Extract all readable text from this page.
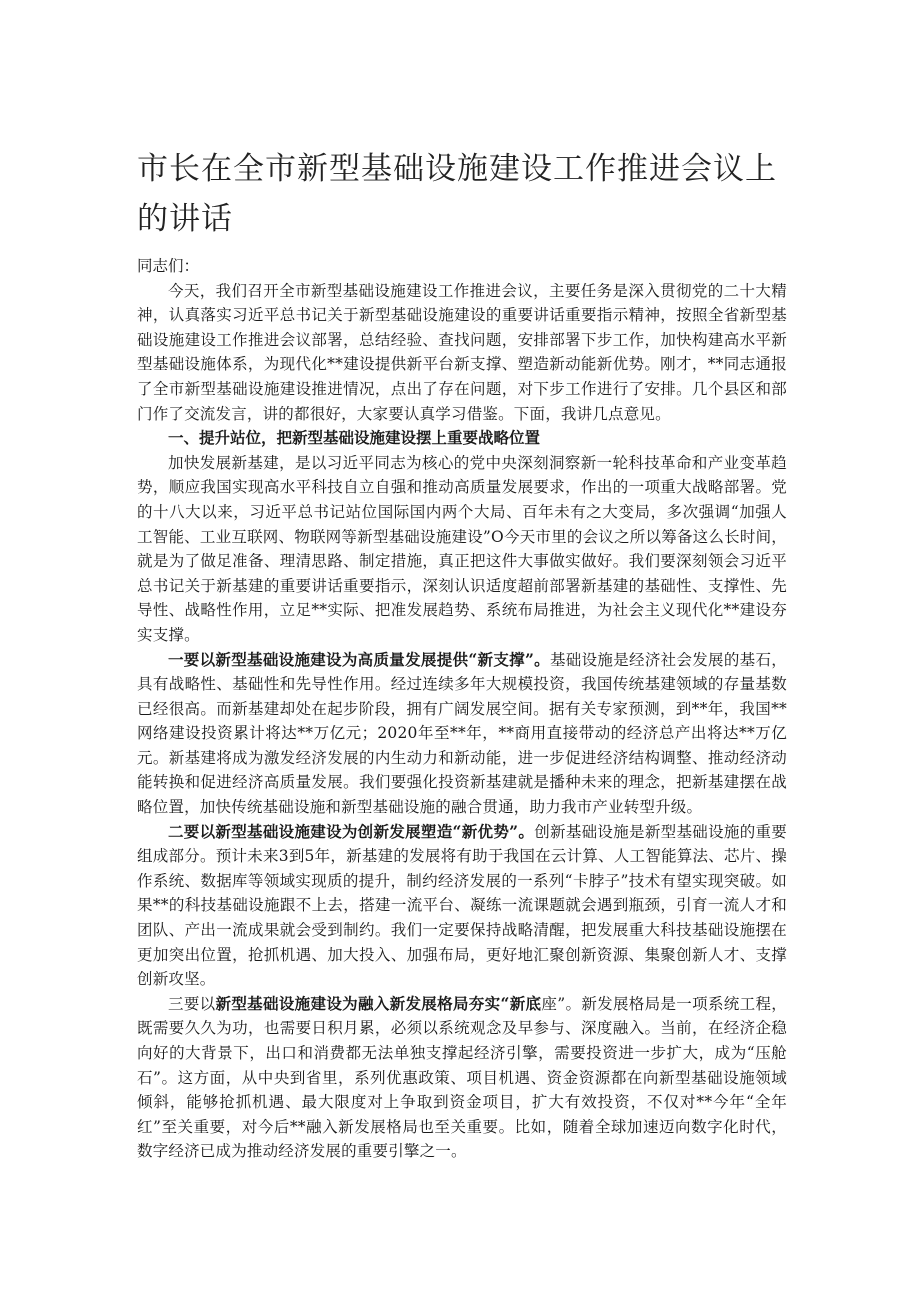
市长在全市新型基础设施建设工作推进会议上的讲话

同志们：

今天，我们召开全市新型基础设施建设工作推进会议，主要任务是深入贯彻党的二十大精神，认真落实习近平总书记关于新型基础设施建设的重要讲话重要指示精神，按照全省新型基础设施建设工作推进会议部署，总结经验、查找问题，安排部署下步工作，加快构建高水平新型基础设施体系，为现代化**建设提供新平台新支撑、塑造新动能新优势。刚才，**同志通报了全市新型基础设施建设推进情况，点出了存在问题，对下步工作进行了安排。几个县区和部门作了交流发言，讲的都很好，大家要认真学习借鉴。下面，我讲几点意见。

一、提升站位，把新型基础设施建设摆上重要战略位置

加快发展新基建，是以习近平同志为核心的党中央深刻洞察新一轮科技革命和产业变革趋势，顺应我国实现高水平科技自立自强和推动高质量发展要求，作出的一项重大战略部署。党的十八大以来，习近平总书记站位国际国内两个大局、百年未有之大变局，多次强调“加强人工智能、工业互联网、物联网等新型基础设施建设”O今天市里的会议之所以筹备这么长时间，就是为了做足准备、理清思路、制定措施，真正把这件大事做实做好。我们要深刻领会习近平总书记关于新基建的重要讲话重要指示，深刻认识适度超前部署新基建的基础性、支撑性、先导性、战略性作用，立足**实际、把准发展趋势、系统布局推进，为社会主义现代化**建设夯实支撑。

一要以新型基础设施建设为高质量发展提供“新支撑”。基础设施是经济社会发展的基石，具有战略性、基础性和先导性作用。经过连续多年大规模投资，我国传统基建领域的存量基数已经很高。而新基建却处在起步阶段，拥有广阔发展空间。据有关专家预测，到**年，我国**网络建设投资累计将达**万亿元；2020年至**年，**商用直接带动的经济总产出将达**万亿元。新基建将成为激发经济发展的内生动力和新动能，进一步促进经济结构调整、推动经济动能转换和促进经济高质量发展。我们要强化投资新基建就是播种未来的理念，把新基建摆在战略位置，加快传统基础设施和新型基础设施的融合贯通，助力我市产业转型升级。

二要以新型基础设施建设为创新发展塑造“新优势”。创新基础设施是新型基础设施的重要组成部分。预计未来3到5年，新基建的发展将有助于我国在云计算、人工智能算法、芯片、操作系统、数据库等领域实现质的提升，制约经济发展的一系列“卡脖子”技术有望实现突破。如果**的科技基础设施跟不上去，搭建一流平台、凝练一流课题就会遇到瓶颈，引育一流人才和团队、产出一流成果就会受到制约。我们一定要保持战略清醒，把发展重大科技基础设施摆在更加突出位置，抢抓机遇、加大投入、加强布局，更好地汇聚创新资源、集聚创新人才、支撑创新攻坚。

三要以新型基础设施建设为融入新发展格局夯实“新底座”。新发展格局是一项系统工程，既需要久久为功，也需要日积月累，必须以系统观念及早参与、深度融入。当前，在经济企稳向好的大背景下，出口和消费都无法单独支撑起经济引擎，需要投资进一步扩大，成为“压舱石”。这方面，从中央到省里，系列优惠政策、项目机遇、资金资源都在向新型基础设施领域倾斜，能够抢抓机遇、最大限度对上争取到资金项目，扩大有效投资，不仅对**今年“全年红”至关重要，对今后**融入新发展格局也至关重要。比如，随着全球加速迈向数字化时代，数字经济已成为推动经济发展的重要引擎之一。
